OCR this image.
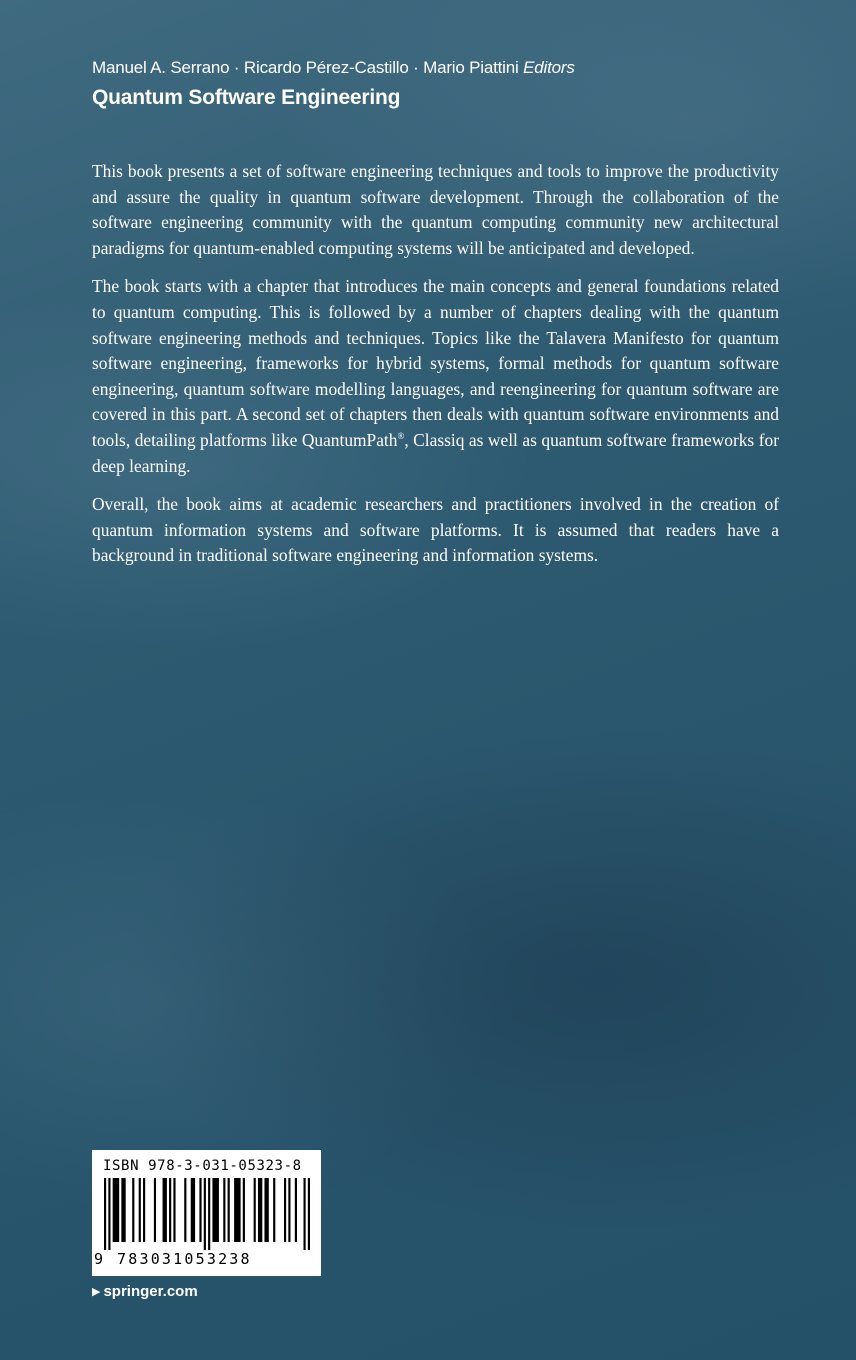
Manuel A. Serrano · Ricardo Pérez-Castillo · Mario Piattini Editors
Quantum Software Engineering

This book presents a set of software engineering techniques and tools to improve the productivity and assure the quality in quantum software development. Through the collaboration of the software engineering community with the quantum computing community new architectural paradigms for quantum-enabled computing systems will be anticipated and developed.

The book starts with a chapter that introduces the main concepts and general foundations related to quantum computing. This is followed by a number of chapters dealing with the quantum software engineering methods and techniques. Topics like the Talavera Manifesto for quantum software engineering, frameworks for hybrid systems, formal methods for quantum software engineering, quantum software modelling languages, and reengineering for quantum software are covered in this part. A second set of chapters then deals with quantum software environments and tools, detailing platforms like QuantumPath®, Classiq as well as quantum software frameworks for deep learning.

Overall, the book aims at academic researchers and practitioners involved in the creation of quantum information systems and software platforms. It is assumed that readers have a background in traditional software engineering and information systems.

ISBN 978-3-031-05323-8
9 783031053238
▶ springer.com
